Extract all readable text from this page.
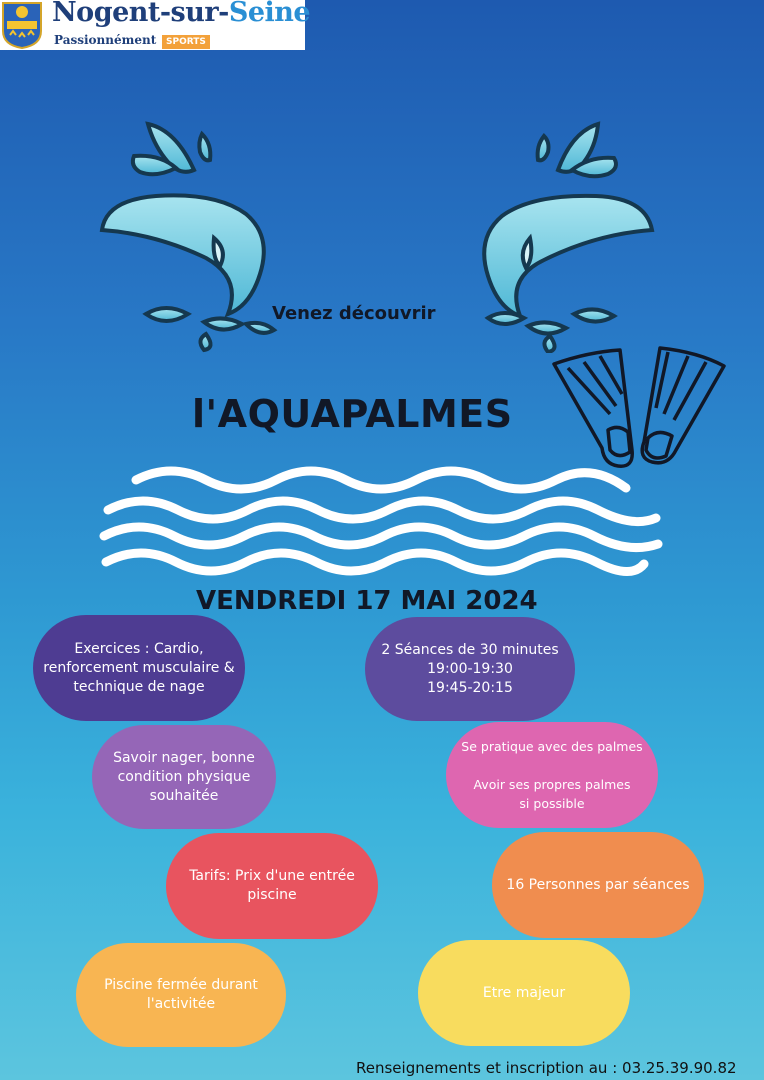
Nogent-sur-Seine
Passionnément	SPORTS
Venez découvrir
l'AQUAPALMES
VENDREDI 17 MAI 2024
Exercices : Cardio,
renforcement musculaire &
technique de nage
2 Séances de 30 minutes
19:00-19:30
19:45-20:15
Savoir nager, bonne
condition physique
souhaitée
Se pratique avec des palmes

Avoir ses propres palmes
si possible
Tarifs: Prix d'une entrée
piscine
16 Personnes par séances
Piscine fermée durant
l'activitée
Etre majeur
Renseignements et inscription au : 03.25.39.90.82
